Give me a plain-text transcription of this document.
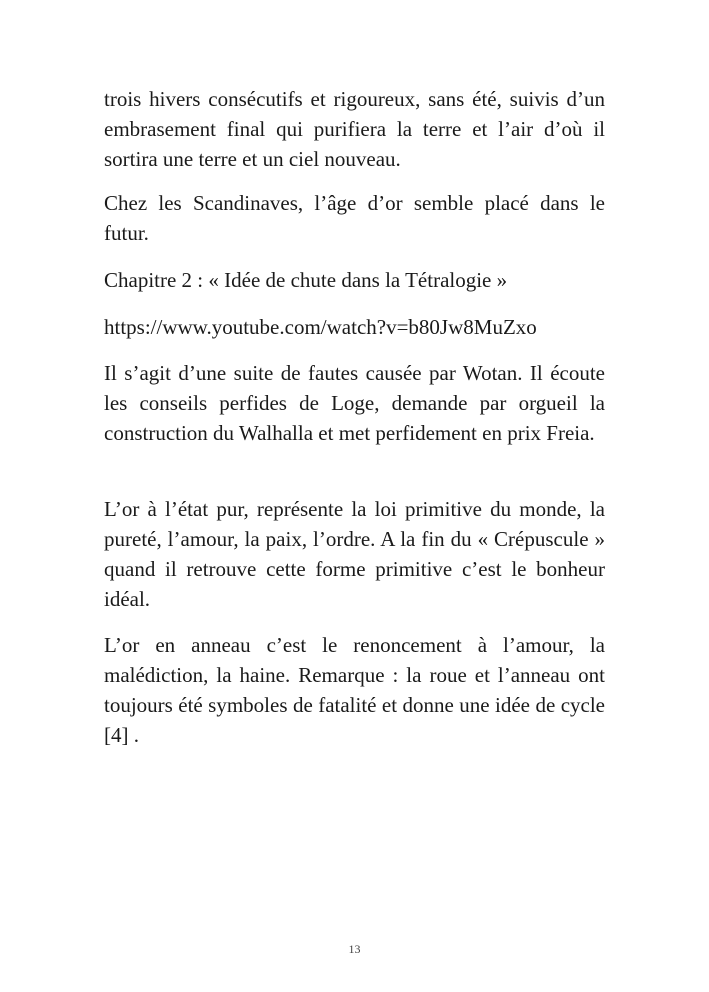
trois hivers consécutifs et rigoureux, sans été, suivis d’un embrasement final qui purifiera la terre et l’air d’où il sortira une terre et un ciel nouveau.

Chez les Scandinaves, l’âge d’or semble placé dans le futur.

Chapitre 2 : « Idée de chute dans la Tétralogie »

https://www.youtube.com/watch?v=b80Jw8MuZxo

Il s’agit d’une suite de fautes causée par Wotan. Il écoute les conseils perfides de Loge, demande par orgueil la construction du Walhalla et met perfidement en prix Freia.

L’or à l’état pur, représente la loi primitive du monde, la pureté, l’amour, la paix, l’ordre. A la fin du « Crépuscule » quand il retrouve cette forme primitive c’est le bonheur idéal.

L’or en anneau c’est le renoncement à l’amour, la malédiction, la haine. Remarque : la roue et l’anneau ont toujours été symboles de fatalité et donne une idée de cycle [4] .

13
